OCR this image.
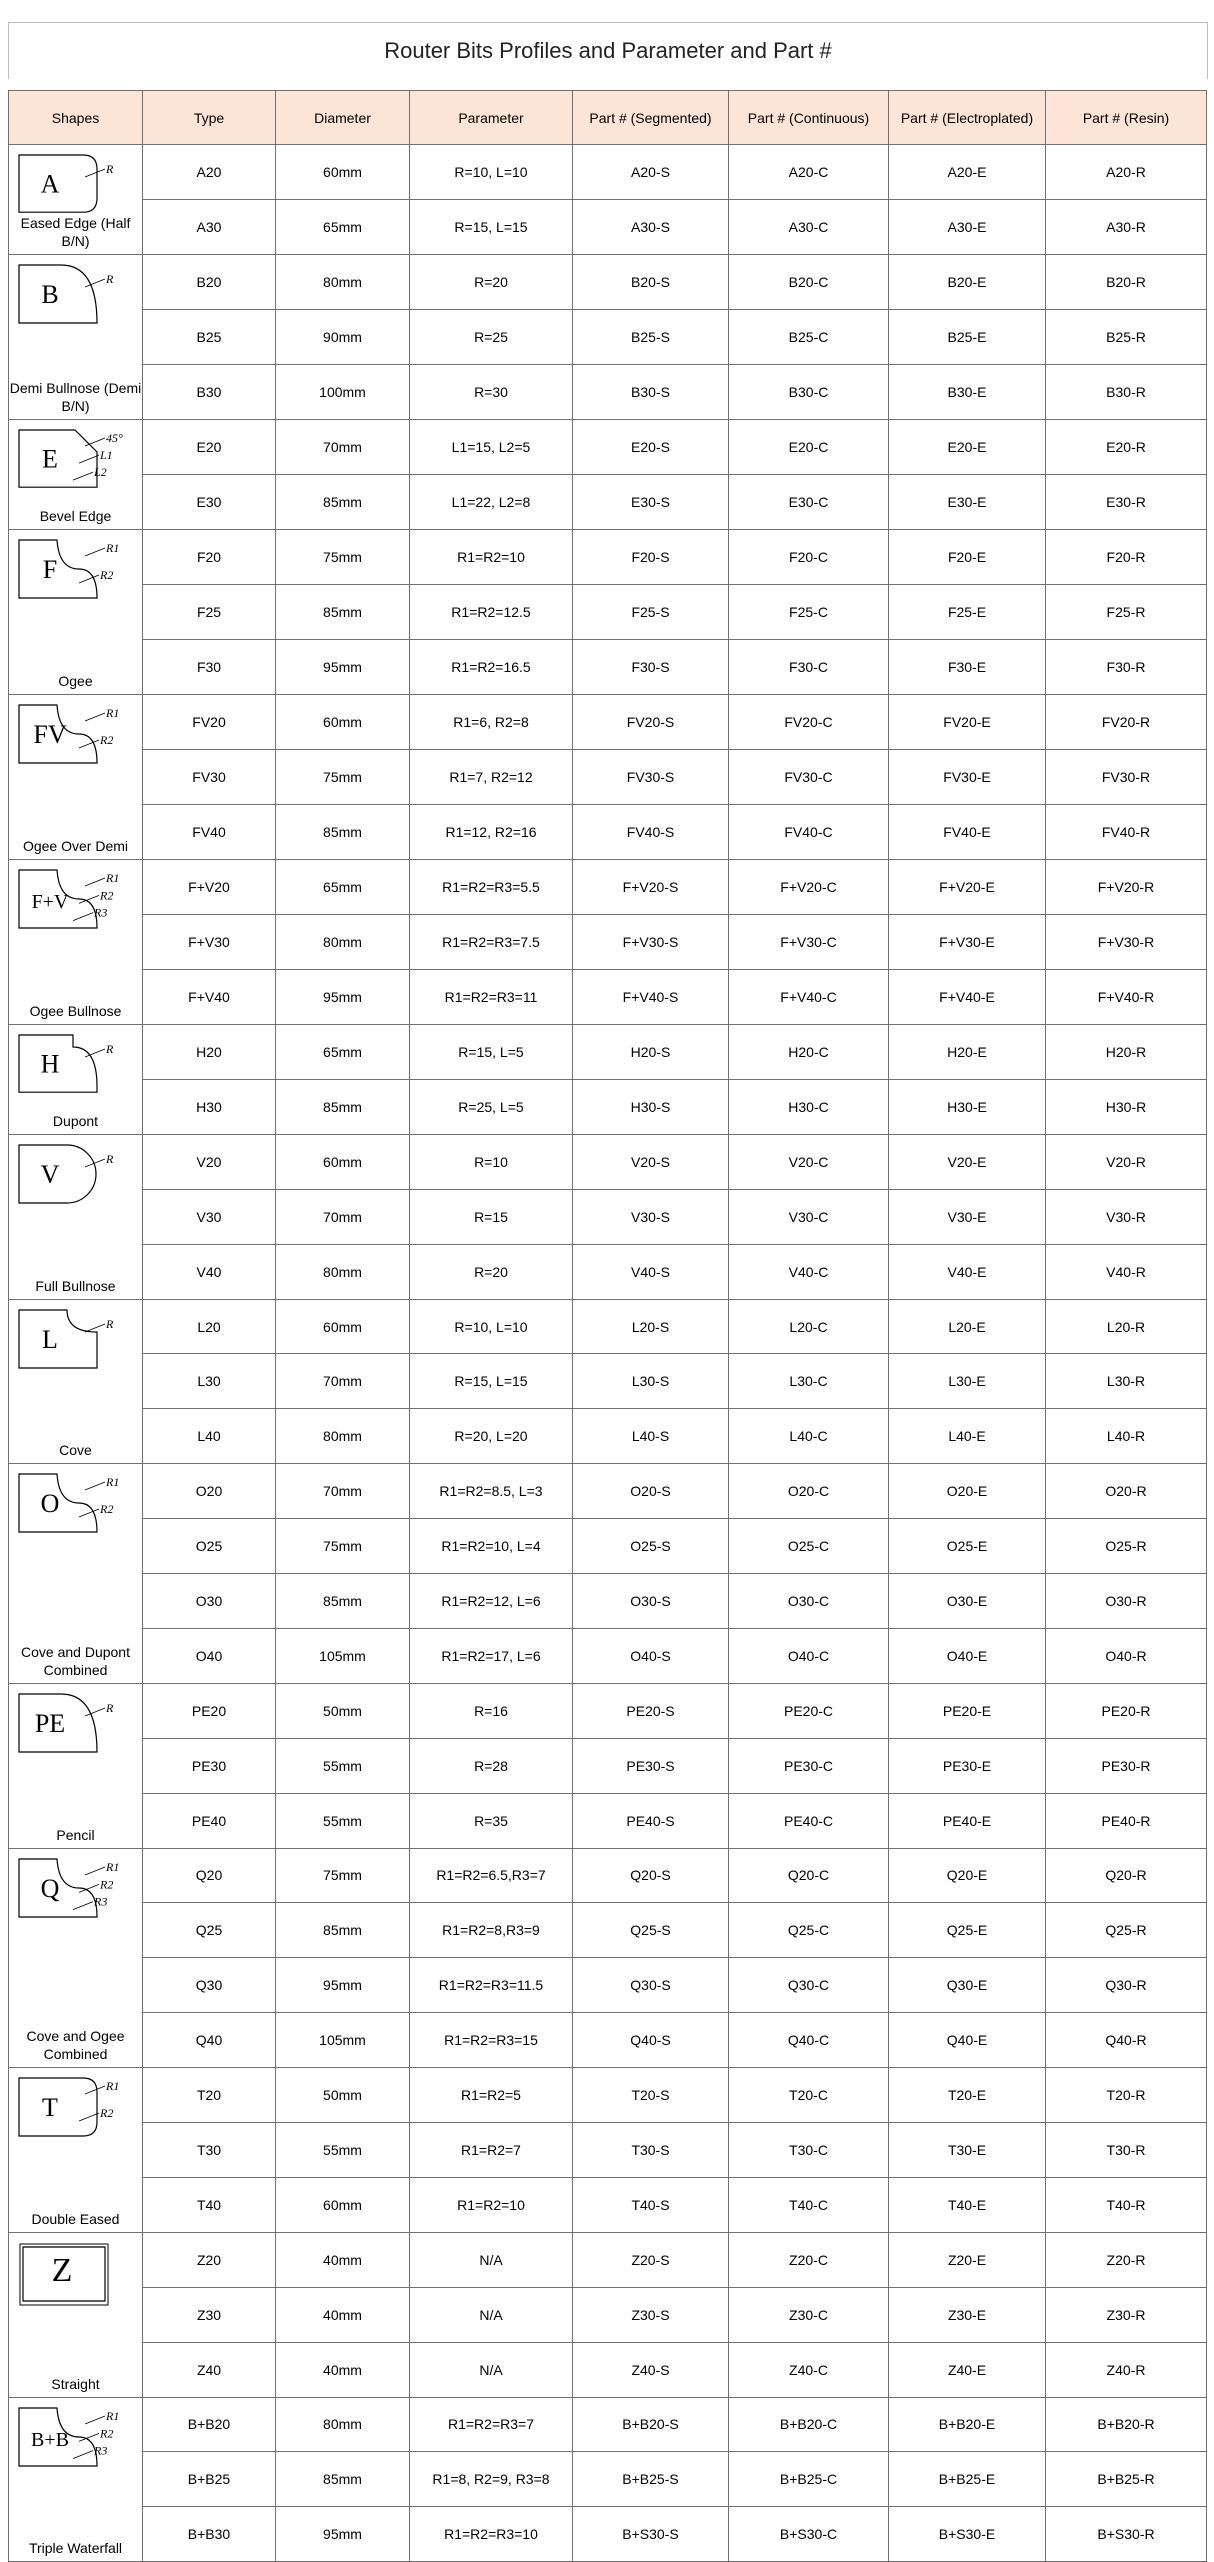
Router Bits Profiles and Parameter and Part #
Shapes	Type	Diameter	Parameter	Part # (Segmented)	Part # (Continuous)	Part # (Electroplated)	Part # (Resin)

A
R
Eased Edge (Half B/N)	A20	60mm	R=10, L=10	A20-S	A20-C	A20-E	A20-R
	A30	65mm	R=15, L=15	A30-S	A30-C	A30-E	A30-R

B
R
Demi Bullnose (Demi B/N)	B20	80mm	R=20	B20-S	B20-C	B20-E	B20-R
	B25	90mm	R=25	B25-S	B25-C	B25-E	B25-R
	B30	100mm	R=30	B30-S	B30-C	B30-E	B30-R

E
45°
L1
L2
Bevel Edge	E20	70mm	L1=15, L2=5	E20-S	E20-C	E20-E	E20-R
	E30	85mm	L1=22, L2=8	E30-S	E30-C	E30-E	E30-R

F
R1
R2
Ogee	F20	75mm	R1=R2=10	F20-S	F20-C	F20-E	F20-R
	F25	85mm	R1=R2=12.5	F25-S	F25-C	F25-E	F25-R
	F30	95mm	R1=R2=16.5	F30-S	F30-C	F30-E	F30-R

FV
R1
R2
Ogee Over Demi	FV20	60mm	R1=6, R2=8	FV20-S	FV20-C	FV20-E	FV20-R
	FV30	75mm	R1=7, R2=12	FV30-S	FV30-C	FV30-E	FV30-R
	FV40	85mm	R1=12, R2=16	FV40-S	FV40-C	FV40-E	FV40-R

F+V
R1
R2
R3
Ogee Bullnose	F+V20	65mm	R1=R2=R3=5.5	F+V20-S	F+V20-C	F+V20-E	F+V20-R
	F+V30	80mm	R1=R2=R3=7.5	F+V30-S	F+V30-C	F+V30-E	F+V30-R
	F+V40	95mm	R1=R2=R3=11	F+V40-S	F+V40-C	F+V40-E	F+V40-R

H
R
Dupont	H20	65mm	R=15, L=5	H20-S	H20-C	H20-E	H20-R
	H30	85mm	R=25, L=5	H30-S	H30-C	H30-E	H30-R

V
R
Full Bullnose	V20	60mm	R=10	V20-S	V20-C	V20-E	V20-R
	V30	70mm	R=15	V30-S	V30-C	V30-E	V30-R
	V40	80mm	R=20	V40-S	V40-C	V40-E	V40-R

L
R
Cove	L20	60mm	R=10, L=10	L20-S	L20-C	L20-E	L20-R
	L30	70mm	R=15, L=15	L30-S	L30-C	L30-E	L30-R
	L40	80mm	R=20, L=20	L40-S	L40-C	L40-E	L40-R

O
R1
R2
Cove and Dupont Combined	O20	70mm	R1=R2=8.5, L=3	O20-S	O20-C	O20-E	O20-R
	O25	75mm	R1=R2=10, L=4	O25-S	O25-C	O25-E	O25-R
	O30	85mm	R1=R2=12, L=6	O30-S	O30-C	O30-E	O30-R
	O40	105mm	R1=R2=17, L=6	O40-S	O40-C	O40-E	O40-R

PE
R
Pencil	PE20	50mm	R=16	PE20-S	PE20-C	PE20-E	PE20-R
	PE30	55mm	R=28	PE30-S	PE30-C	PE30-E	PE30-R
	PE40	55mm	R=35	PE40-S	PE40-C	PE40-E	PE40-R

Q
R1
R2
R3
Cove and Ogee Combined	Q20	75mm	R1=R2=6.5,R3=7	Q20-S	Q20-C	Q20-E	Q20-R
	Q25	85mm	R1=R2=8,R3=9	Q25-S	Q25-C	Q25-E	Q25-R
	Q30	95mm	R1=R2=R3=11.5	Q30-S	Q30-C	Q30-E	Q30-R
	Q40	105mm	R1=R2=R3=15	Q40-S	Q40-C	Q40-E	Q40-R

T
R1
R2
Double Eased	T20	50mm	R1=R2=5	T20-S	T20-C	T20-E	T20-R
	T30	55mm	R1=R2=7	T30-S	T30-C	T30-E	T30-R
	T40	60mm	R1=R2=10	T40-S	T40-C	T40-E	T40-R

Z
Straight	Z20	40mm	N/A	Z20-S	Z20-C	Z20-E	Z20-R
	Z30	40mm	N/A	Z30-S	Z30-C	Z30-E	Z30-R
	Z40	40mm	N/A	Z40-S	Z40-C	Z40-E	Z40-R

B+B
R1
R2
R3
Triple Waterfall	B+B20	80mm	R1=R2=R3=7	B+B20-S	B+B20-C	B+B20-E	B+B20-R
	B+B25	85mm	R1=8, R2=9, R3=8	B+B25-S	B+B25-C	B+B25-E	B+B25-R
	B+B30	95mm	R1=R2=R3=10	B+S30-S	B+S30-C	B+S30-E	B+S30-R
